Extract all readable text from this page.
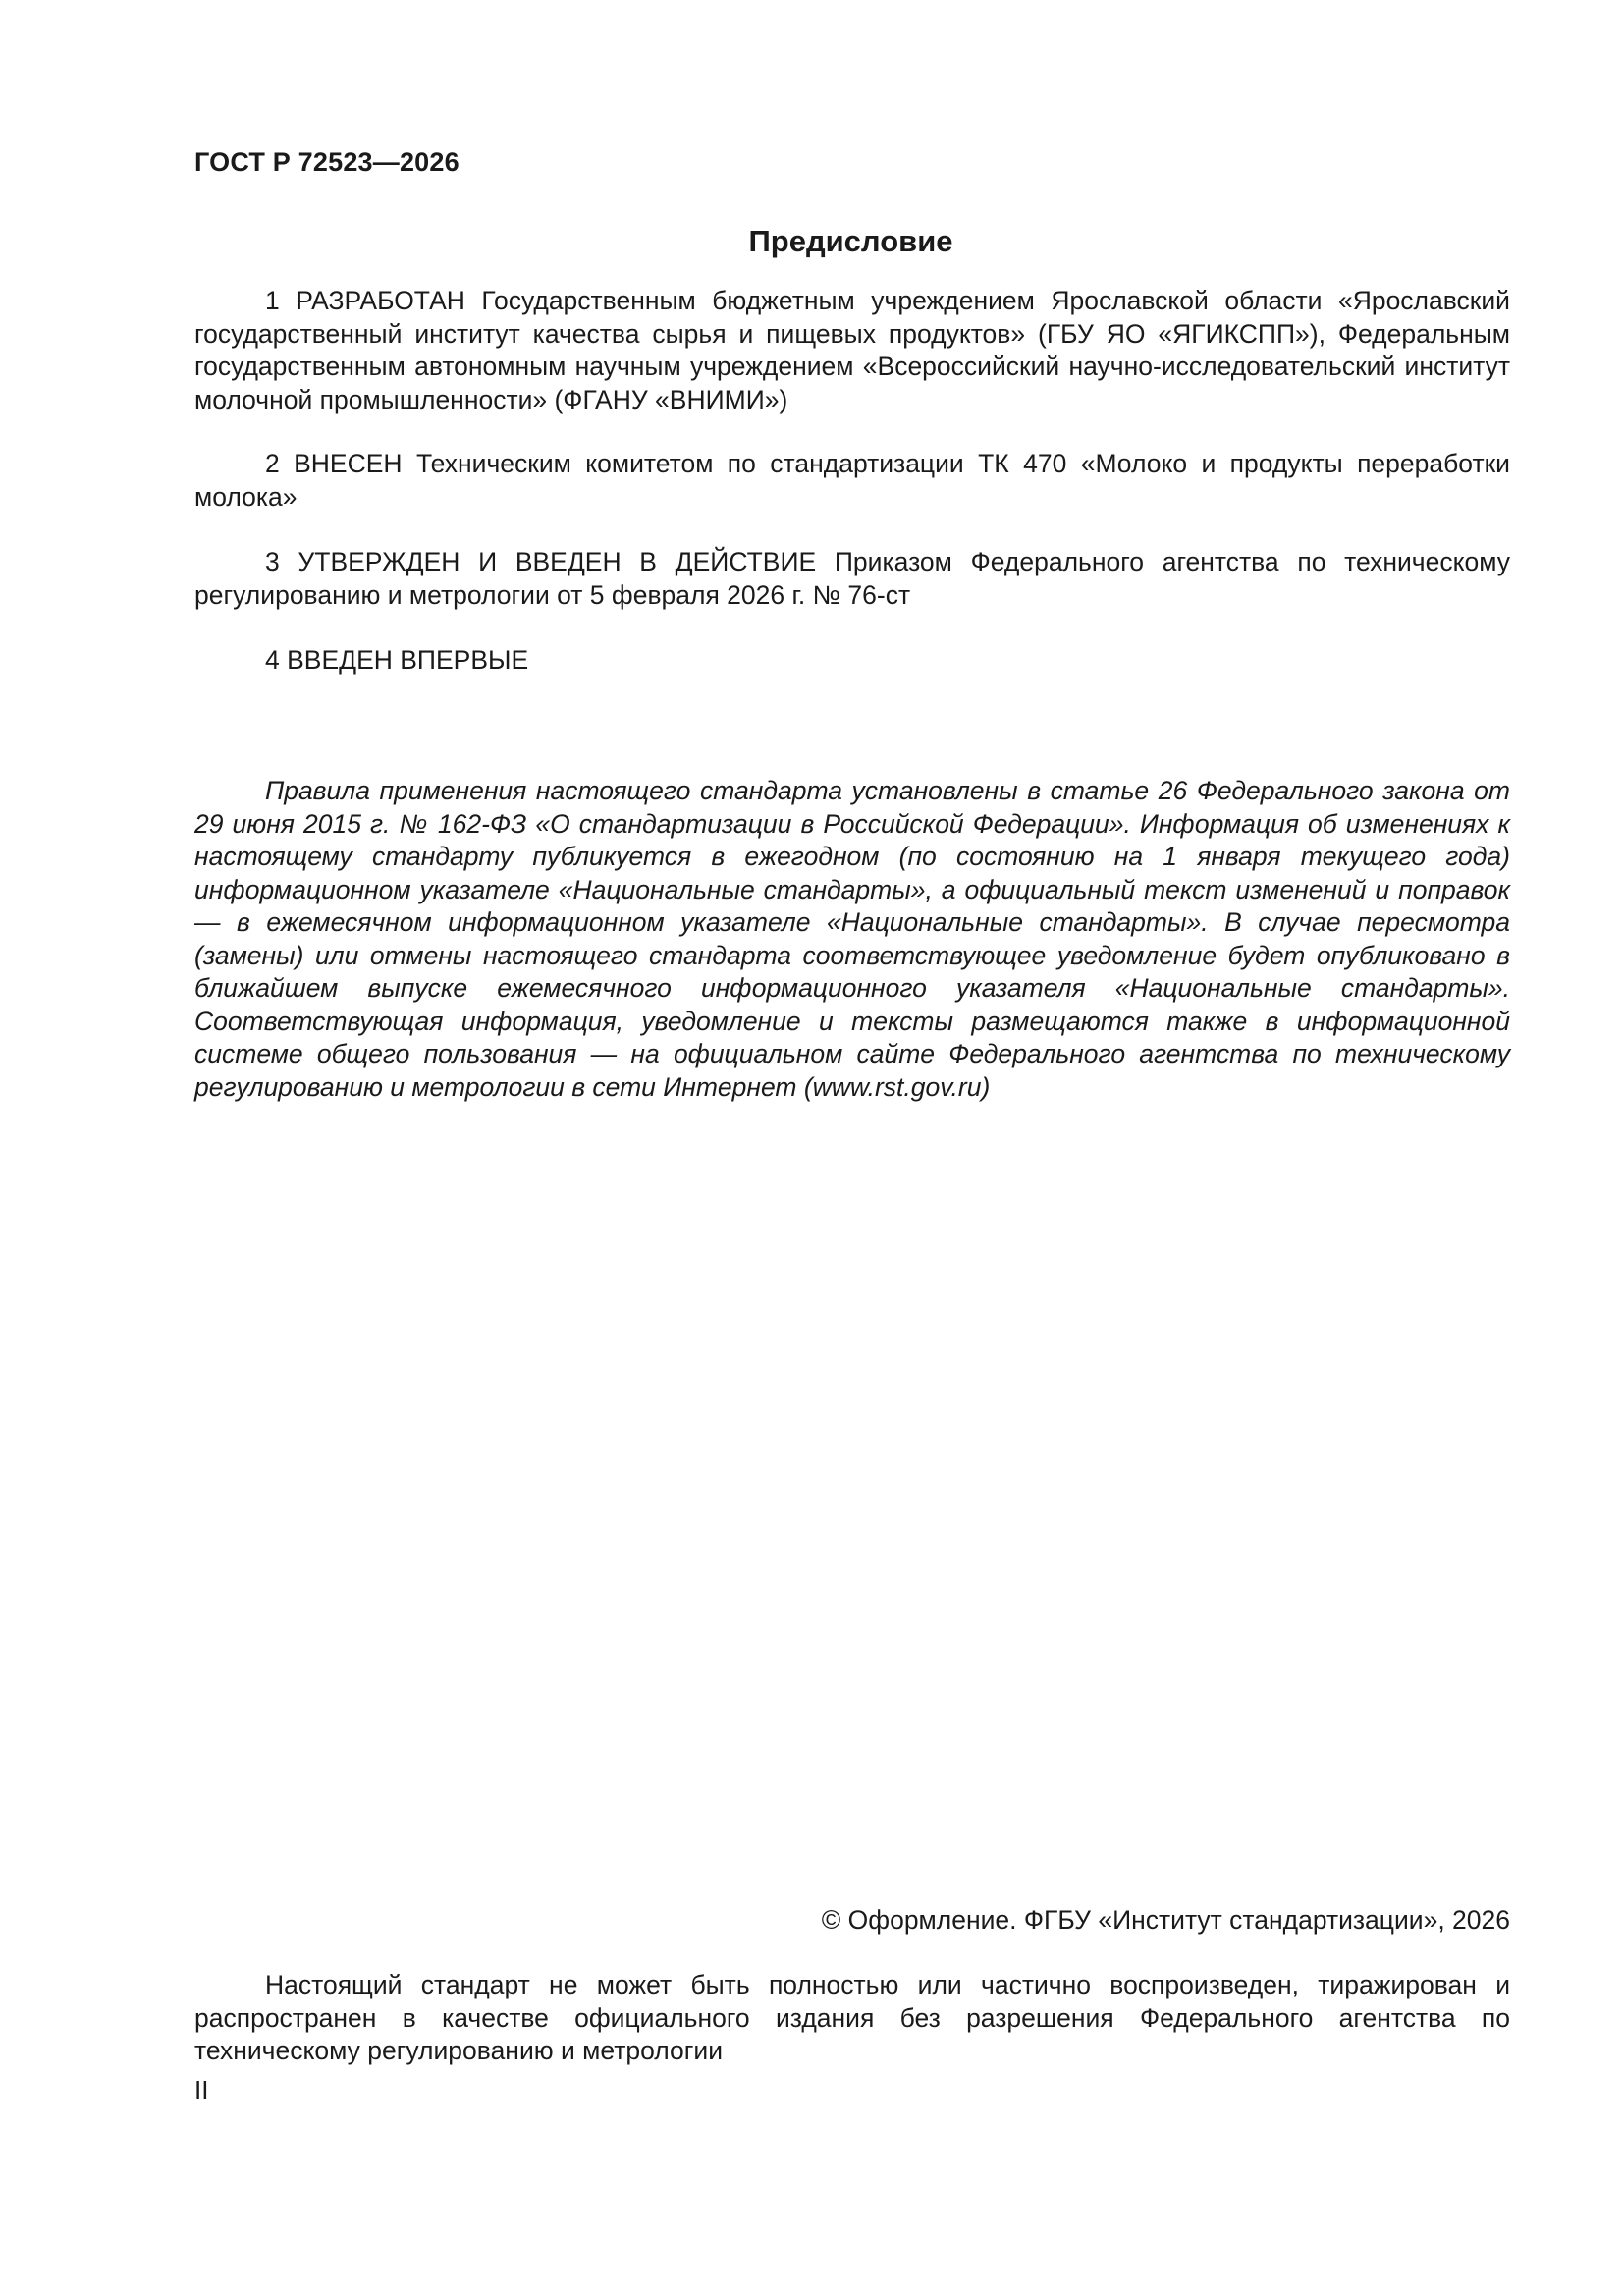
ГОСТ Р 72523—2026
Предисловие

1 РАЗРАБОТАН Государственным бюджетным учреждением Ярославской области «Ярославский государственный институт качества сырья и пищевых продуктов» (ГБУ ЯО «ЯГИКСПП»), Федеральным государственным автономным научным учреждением «Всероссийский научно-исследовательский институт молочной промышленности» (ФГАНУ «ВНИМИ»)

2 ВНЕСЕН Техническим комитетом по стандартизации ТК 470 «Молоко и продукты переработки молока»

3 УТВЕРЖДЕН И ВВЕДЕН В ДЕЙСТВИЕ Приказом Федерального агентства по техническому регулированию и метрологии от 5 февраля 2026 г. № 76-ст

4 ВВЕДЕН ВПЕРВЫЕ

Правила применения настоящего стандарта установлены в статье 26 Федерального закона от 29 июня 2015 г. № 162-ФЗ «О стандартизации в Российской Федерации». Информация об изменениях к настоящему стандарту публикуется в ежегодном (по состоянию на 1 января текущего года) информационном указателе «Национальные стандарты», а официальный текст изменений и поправок — в ежемесячном информационном указателе «Национальные стандарты». В случае пересмотра (замены) или отмены настоящего стандарта соответствующее уведомление будет опубликовано в ближайшем выпуске ежемесячного информационного указателя «Национальные стандарты». Соответствующая информация, уведомление и тексты размещаются также в информационной системе общего пользования — на официальном сайте Федерального агентства по техническому регулированию и метрологии в сети Интернет (www.rst.gov.ru)

© Оформление. ФГБУ «Институт стандартизации», 2026

Настоящий стандарт не может быть полностью или частично воспроизведен, тиражирован и распространен в качестве официального издания без разрешения Федерального агентства по техническому регулированию и метрологии

II
